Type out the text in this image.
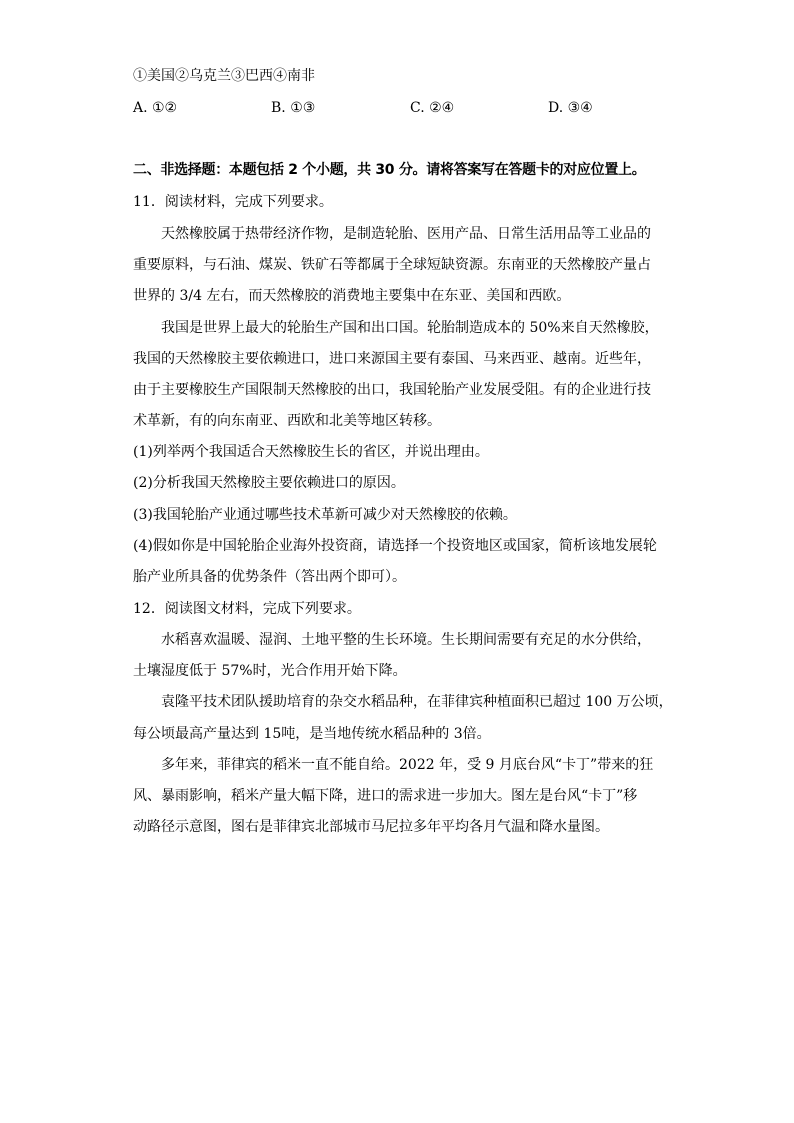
①美国②乌克兰③巴西④南非
A. ①②	B. ①③	C. ②④	D. ③④
二、非选择题：本题包括 2 个小题，共 30 分。请将答案写在答题卡的对应位置上。
11．阅读材料，完成下列要求。
天然橡胶属于热带经济作物，是制造轮胎、医用产品、日常生活用品等工业品的
重要原料，与石油、煤炭、铁矿石等都属于全球短缺资源。东南亚的天然橡胶产量占
世界的 3/4 左右，而天然橡胶的消费地主要集中在东亚、美国和西欧。
我国是世界上最大的轮胎生产国和出口国。轮胎制造成本的 50%来自天然橡胶，
我国的天然橡胶主要依赖进口，进口来源国主要有泰国、马来西亚、越南。近些年，
由于主要橡胶生产国限制天然橡胶的出口，我国轮胎产业发展受阻。有的企业进行技
术革新，有的向东南亚、西欧和北美等地区转移。
(1)列举两个我国适合天然橡胶生长的省区，并说出理由。
(2)分析我国天然橡胶主要依赖进口的原因。
(3)我国轮胎产业通过哪些技术革新可减少对天然橡胶的依赖。
(4)假如你是中国轮胎企业海外投资商，请选择一个投资地区或国家，简析该地发展轮
胎产业所具备的优势条件（答出两个即可）。
12．阅读图文材料，完成下列要求。
水稻喜欢温暖、湿润、土地平整的生长环境。生长期间需要有充足的水分供给，
土壤湿度低于 57%时，光合作用开始下降。
袁隆平技术团队援助培育的杂交水稻品种，在菲律宾种植面积已超过 100 万公顷，
每公顷最高产量达到 15吨，是当地传统水稻品种的 3倍。
多年来，菲律宾的稻米一直不能自给。2022 年，受 9 月底台风“卡丁”带来的狂
风、暴雨影响，稻米产量大幅下降，进口的需求进一步加大。图左是台风“卡丁”移
动路径示意图，图右是菲律宾北部城市马尼拉多年平均各月气温和降水量图。
